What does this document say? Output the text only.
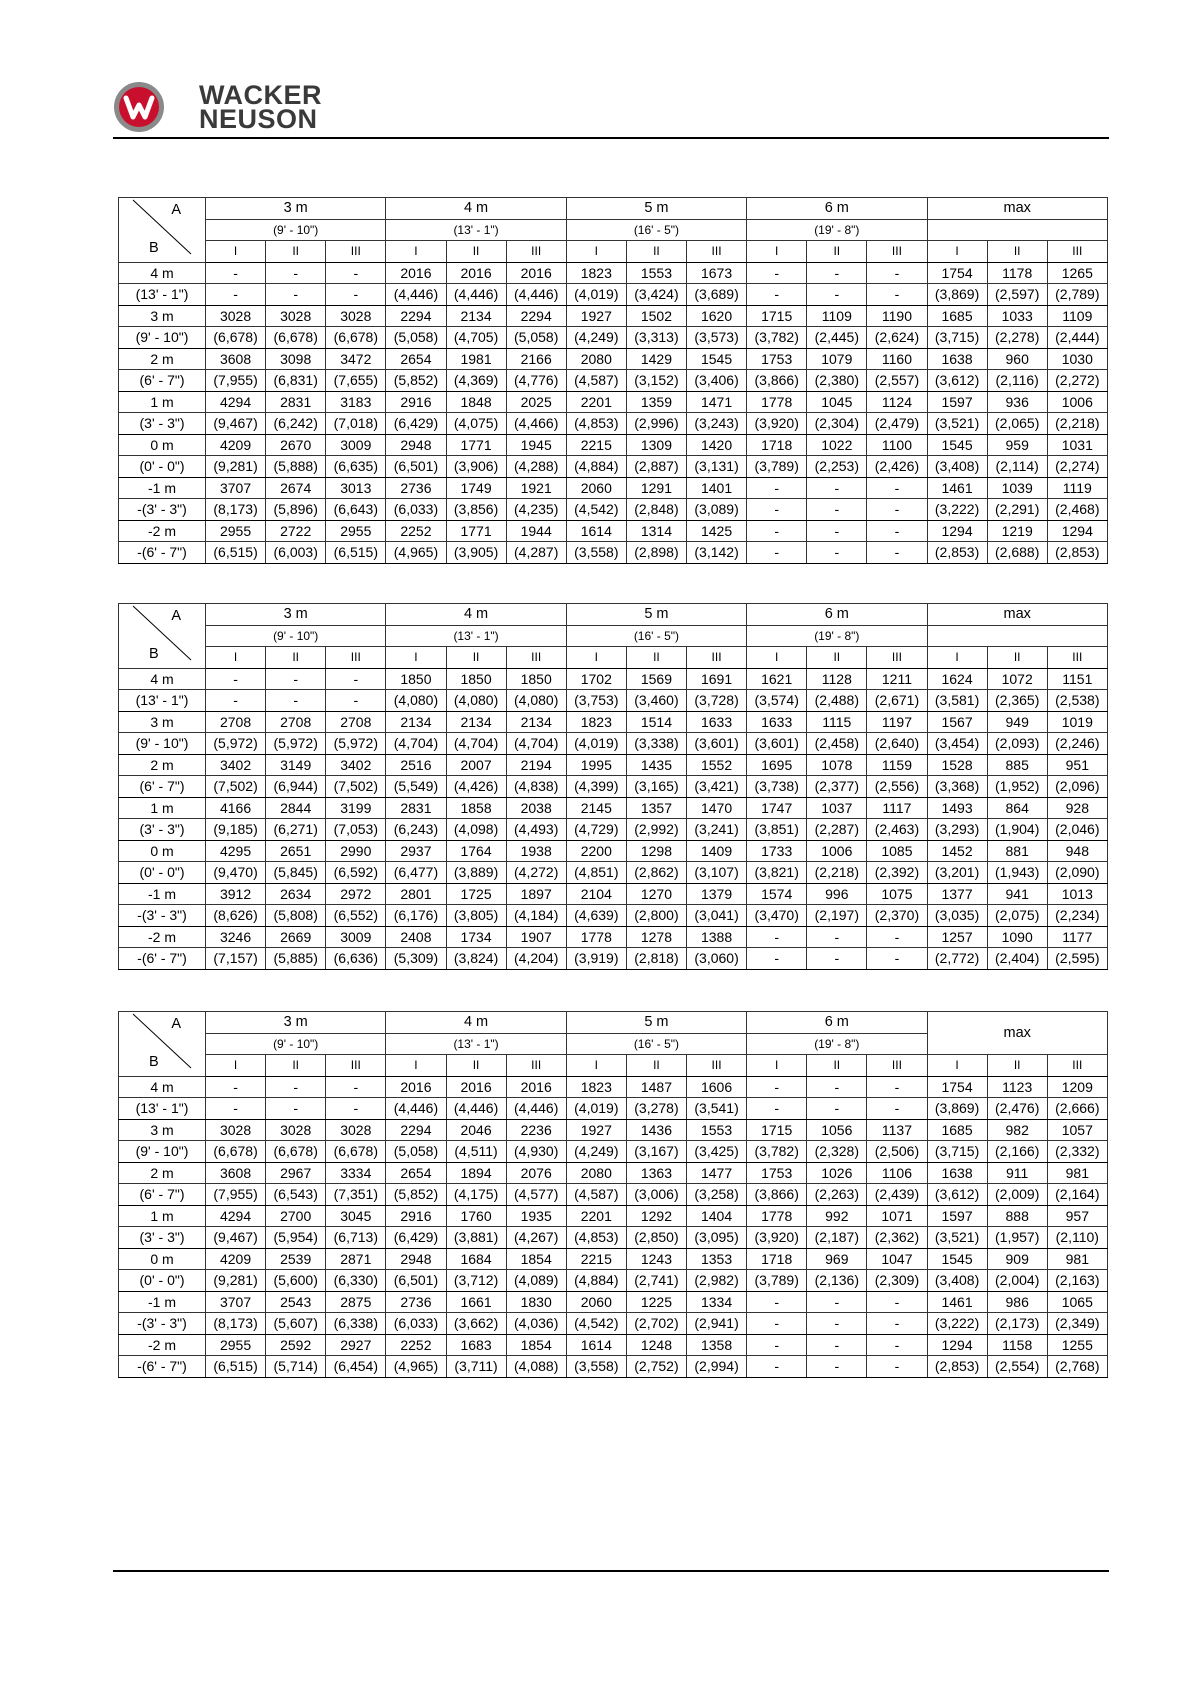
WACKER
NEUSON
A
B	3 m			4 m			5 m			6 m			max		
	(9' - 10")			(13' - 1")			(16' - 5")			(19' - 8")					
	I	II	III	I	II	III	I	II	III	I	II	III	I	II	III
4 m	-	-	-	2016	2016	2016	1823	1553	1673	-	-	-	1754	1178	1265
(13' - 1")	-	-	-	(4,446)	(4,446)	(4,446)	(4,019)	(3,424)	(3,689)	-	-	-	(3,869)	(2,597)	(2,789)
3 m	3028	3028	3028	2294	2134	2294	1927	1502	1620	1715	1109	1190	1685	1033	1109
(9' - 10")	(6,678)	(6,678)	(6,678)	(5,058)	(4,705)	(5,058)	(4,249)	(3,313)	(3,573)	(3,782)	(2,445)	(2,624)	(3,715)	(2,278)	(2,444)
2 m	3608	3098	3472	2654	1981	2166	2080	1429	1545	1753	1079	1160	1638	960	1030
(6' - 7")	(7,955)	(6,831)	(7,655)	(5,852)	(4,369)	(4,776)	(4,587)	(3,152)	(3,406)	(3,866)	(2,380)	(2,557)	(3,612)	(2,116)	(2,272)
1 m	4294	2831	3183	2916	1848	2025	2201	1359	1471	1778	1045	1124	1597	936	1006
(3' - 3")	(9,467)	(6,242)	(7,018)	(6,429)	(4,075)	(4,466)	(4,853)	(2,996)	(3,243)	(3,920)	(2,304)	(2,479)	(3,521)	(2,065)	(2,218)
0 m	4209	2670	3009	2948	1771	1945	2215	1309	1420	1718	1022	1100	1545	959	1031
(0' - 0")	(9,281)	(5,888)	(6,635)	(6,501)	(3,906)	(4,288)	(4,884)	(2,887)	(3,131)	(3,789)	(2,253)	(2,426)	(3,408)	(2,114)	(2,274)
-1 m	3707	2674	3013	2736	1749	1921	2060	1291	1401	-	-	-	1461	1039	1119
-(3' - 3")	(8,173)	(5,896)	(6,643)	(6,033)	(3,856)	(4,235)	(4,542)	(2,848)	(3,089)	-	-	-	(3,222)	(2,291)	(2,468)
-2 m	2955	2722	2955	2252	1771	1944	1614	1314	1425	-	-	-	1294	1219	1294
-(6' - 7")	(6,515)	(6,003)	(6,515)	(4,965)	(3,905)	(4,287)	(3,558)	(2,898)	(3,142)	-	-	-	(2,853)	(2,688)	(2,853)
A
B	3 m			4 m			5 m			6 m			max		
	(9' - 10")			(13' - 1")			(16' - 5")			(19' - 8")					
	I	II	III	I	II	III	I	II	III	I	II	III	I	II	III
4 m	-	-	-	1850	1850	1850	1702	1569	1691	1621	1128	1211	1624	1072	1151
(13' - 1")	-	-	-	(4,080)	(4,080)	(4,080)	(3,753)	(3,460)	(3,728)	(3,574)	(2,488)	(2,671)	(3,581)	(2,365)	(2,538)
3 m	2708	2708	2708	2134	2134	2134	1823	1514	1633	1633	1115	1197	1567	949	1019
(9' - 10")	(5,972)	(5,972)	(5,972)	(4,704)	(4,704)	(4,704)	(4,019)	(3,338)	(3,601)	(3,601)	(2,458)	(2,640)	(3,454)	(2,093)	(2,246)
2 m	3402	3149	3402	2516	2007	2194	1995	1435	1552	1695	1078	1159	1528	885	951
(6' - 7")	(7,502)	(6,944)	(7,502)	(5,549)	(4,426)	(4,838)	(4,399)	(3,165)	(3,421)	(3,738)	(2,377)	(2,556)	(3,368)	(1,952)	(2,096)
1 m	4166	2844	3199	2831	1858	2038	2145	1357	1470	1747	1037	1117	1493	864	928
(3' - 3")	(9,185)	(6,271)	(7,053)	(6,243)	(4,098)	(4,493)	(4,729)	(2,992)	(3,241)	(3,851)	(2,287)	(2,463)	(3,293)	(1,904)	(2,046)
0 m	4295	2651	2990	2937	1764	1938	2200	1298	1409	1733	1006	1085	1452	881	948
(0' - 0")	(9,470)	(5,845)	(6,592)	(6,477)	(3,889)	(4,272)	(4,851)	(2,862)	(3,107)	(3,821)	(2,218)	(2,392)	(3,201)	(1,943)	(2,090)
-1 m	3912	2634	2972	2801	1725	1897	2104	1270	1379	1574	996	1075	1377	941	1013
-(3' - 3")	(8,626)	(5,808)	(6,552)	(6,176)	(3,805)	(4,184)	(4,639)	(2,800)	(3,041)	(3,470)	(2,197)	(2,370)	(3,035)	(2,075)	(2,234)
-2 m	3246	2669	3009	2408	1734	1907	1778	1278	1388	-	-	-	1257	1090	1177
-(6' - 7")	(7,157)	(5,885)	(6,636)	(5,309)	(3,824)	(4,204)	(3,919)	(2,818)	(3,060)	-	-	-	(2,772)	(2,404)	(2,595)
A
B	3 m			4 m			5 m			6 m			max		
	(9' - 10")			(13' - 1")			(16' - 5")			(19' - 8")					
	I	II	III	I	II	III	I	II	III	I	II	III	I	II	III
4 m	-	-	-	2016	2016	2016	1823	1487	1606	-	-	-	1754	1123	1209
(13' - 1")	-	-	-	(4,446)	(4,446)	(4,446)	(4,019)	(3,278)	(3,541)	-	-	-	(3,869)	(2,476)	(2,666)
3 m	3028	3028	3028	2294	2046	2236	1927	1436	1553	1715	1056	1137	1685	982	1057
(9' - 10")	(6,678)	(6,678)	(6,678)	(5,058)	(4,511)	(4,930)	(4,249)	(3,167)	(3,425)	(3,782)	(2,328)	(2,506)	(3,715)	(2,166)	(2,332)
2 m	3608	2967	3334	2654	1894	2076	2080	1363	1477	1753	1026	1106	1638	911	981
(6' - 7")	(7,955)	(6,543)	(7,351)	(5,852)	(4,175)	(4,577)	(4,587)	(3,006)	(3,258)	(3,866)	(2,263)	(2,439)	(3,612)	(2,009)	(2,164)
1 m	4294	2700	3045	2916	1760	1935	2201	1292	1404	1778	992	1071	1597	888	957
(3' - 3")	(9,467)	(5,954)	(6,713)	(6,429)	(3,881)	(4,267)	(4,853)	(2,850)	(3,095)	(3,920)	(2,187)	(2,362)	(3,521)	(1,957)	(2,110)
0 m	4209	2539	2871	2948	1684	1854	2215	1243	1353	1718	969	1047	1545	909	981
(0' - 0")	(9,281)	(5,600)	(6,330)	(6,501)	(3,712)	(4,089)	(4,884)	(2,741)	(2,982)	(3,789)	(2,136)	(2,309)	(3,408)	(2,004)	(2,163)
-1 m	3707	2543	2875	2736	1661	1830	2060	1225	1334	-	-	-	1461	986	1065
-(3' - 3")	(8,173)	(5,607)	(6,338)	(6,033)	(3,662)	(4,036)	(4,542)	(2,702)	(2,941)	-	-	-	(3,222)	(2,173)	(2,349)
-2 m	2955	2592	2927	2252	1683	1854	1614	1248	1358	-	-	-	1294	1158	1255
-(6' - 7")	(6,515)	(5,714)	(6,454)	(4,965)	(3,711)	(4,088)	(3,558)	(2,752)	(2,994)	-	-	-	(2,853)	(2,554)	(2,768)
